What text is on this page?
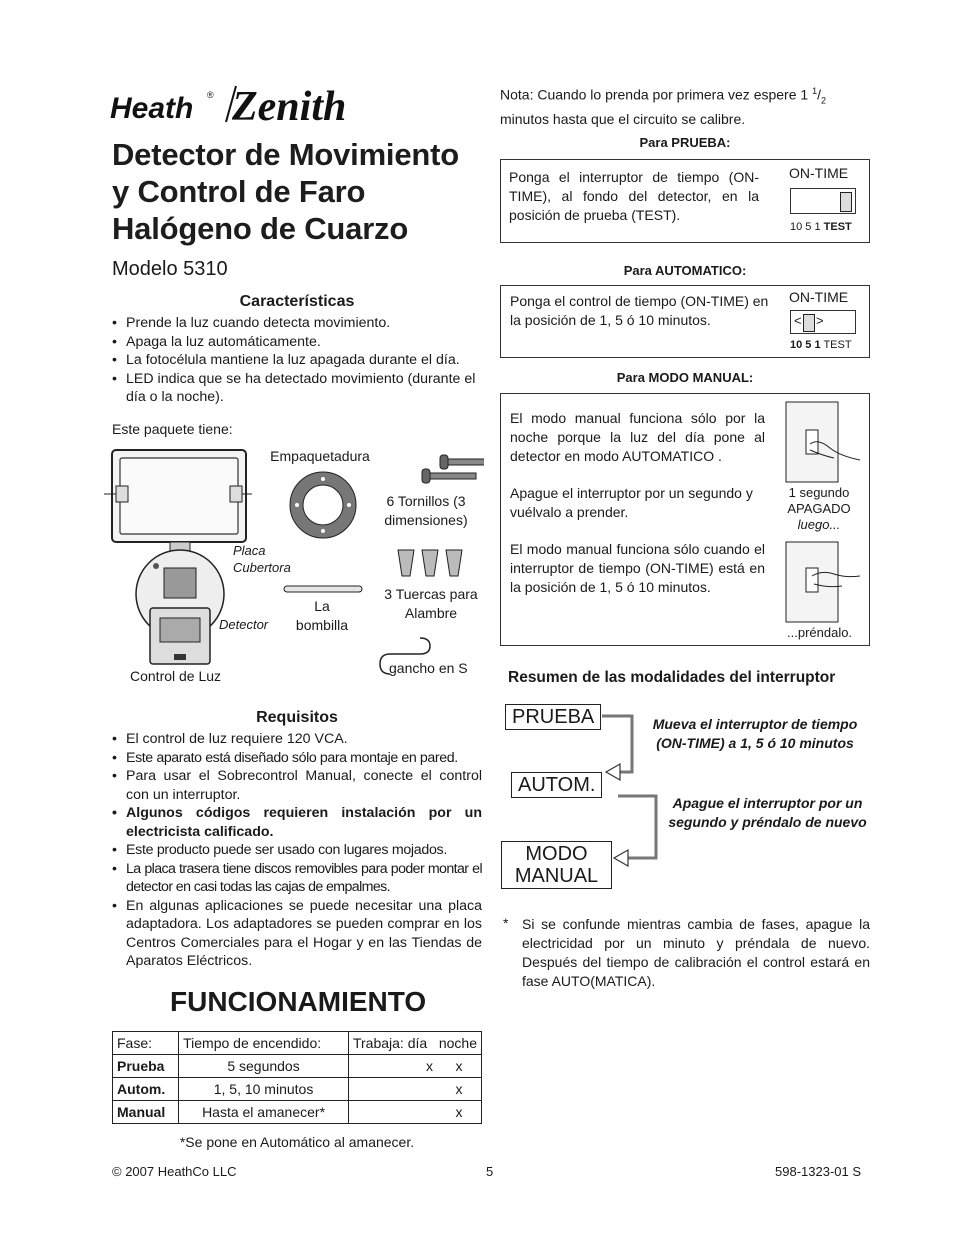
Heath ® Zenith
Detector de Movimiento
y Control de Faro
Halógeno de Cuarzo
Modelo 5310
Características
• Prende la luz cuando detecta movimiento.
• Apaga la luz automáticamente.
• La fotocélula mantiene la luz apagada durante el día.
• LED indica que se ha detectado movimiento (durante el día o la noche).
Este paquete tiene:
Empaquetadura
6 Tornillos (3 dimensiones)
Placa Cubertora
La bombilla
3 Tuercas para Alambre
Detector
gancho en S
Control de Luz
Requisitos
• El control de luz requiere 120 VCA.
• Este aparato está diseñado sólo para montaje en pared.
• Para usar el Sobrecontrol Manual, conecte el control con un interruptor.
• Algunos códigos requieren instalación por un electricista calificado.
• Este producto puede ser usado con lugares mojados.
• La placa trasera tiene discos removibles para poder montar el detector en casi todas las cajas de empalmes.
• En algunas aplicaciones se puede necesitar una placa adaptadora. Los adaptadores se pueden comprar en los Centros Comerciales para el Hogar y en las Tiendas de Aparatos Eléctricos.
FUNCIONAMIENTO
Fase:	Tiempo de encendido:	Trabaja: día noche	
Prueba	5 segundos	x	x
Autom.	1, 5, 10 minutos		x
Manual	Hasta el amanecer*		x
*Se pone en Automático al amanecer.
Nota: Cuando lo prenda por primera vez espere 1 $^1/_2$ minutos hasta que el circuito se calibre.
Para PRUEBA:
Ponga el interruptor de tiempo (ON-TIME), al fondo del detector, en la posición de prueba (TEST).
ON-TIME
10 5 1 TEST
Para AUTOMATICO:
Ponga el control de tiempo (ON-TIME) en la posición de 1, 5 ó 10 minutos.
ON-TIME
< >
10 5 1 TEST
Para MODO MANUAL:
El modo manual funciona sólo por la noche porque la luz del día pone al detector en modo AUTOMATICO .
Apague el interruptor por un segundo y vuélvalo a prender.
El modo manual funciona sólo cuando el interruptor de tiempo (ON-TIME) está en la posición de 1, 5 ó 10 minutos.
1 segundo
APAGADO
luego...
...préndalo.
Resumen de las modalidades del interruptor
PRUEBA
AUTOM.
MODO
MANUAL
Mueva el interruptor de tiempo (ON-TIME) a 1, 5 ó 10 minutos
Apague el interruptor por un segundo y préndalo de nuevo
* Si se confunde mientras cambia de fases, apague la electricidad por un minuto y préndala de nuevo. Después del tiempo de calibración el control estará en fase AUTO(MATICA).
© 2007 HeathCo LLC	5	598-1323-01 S
